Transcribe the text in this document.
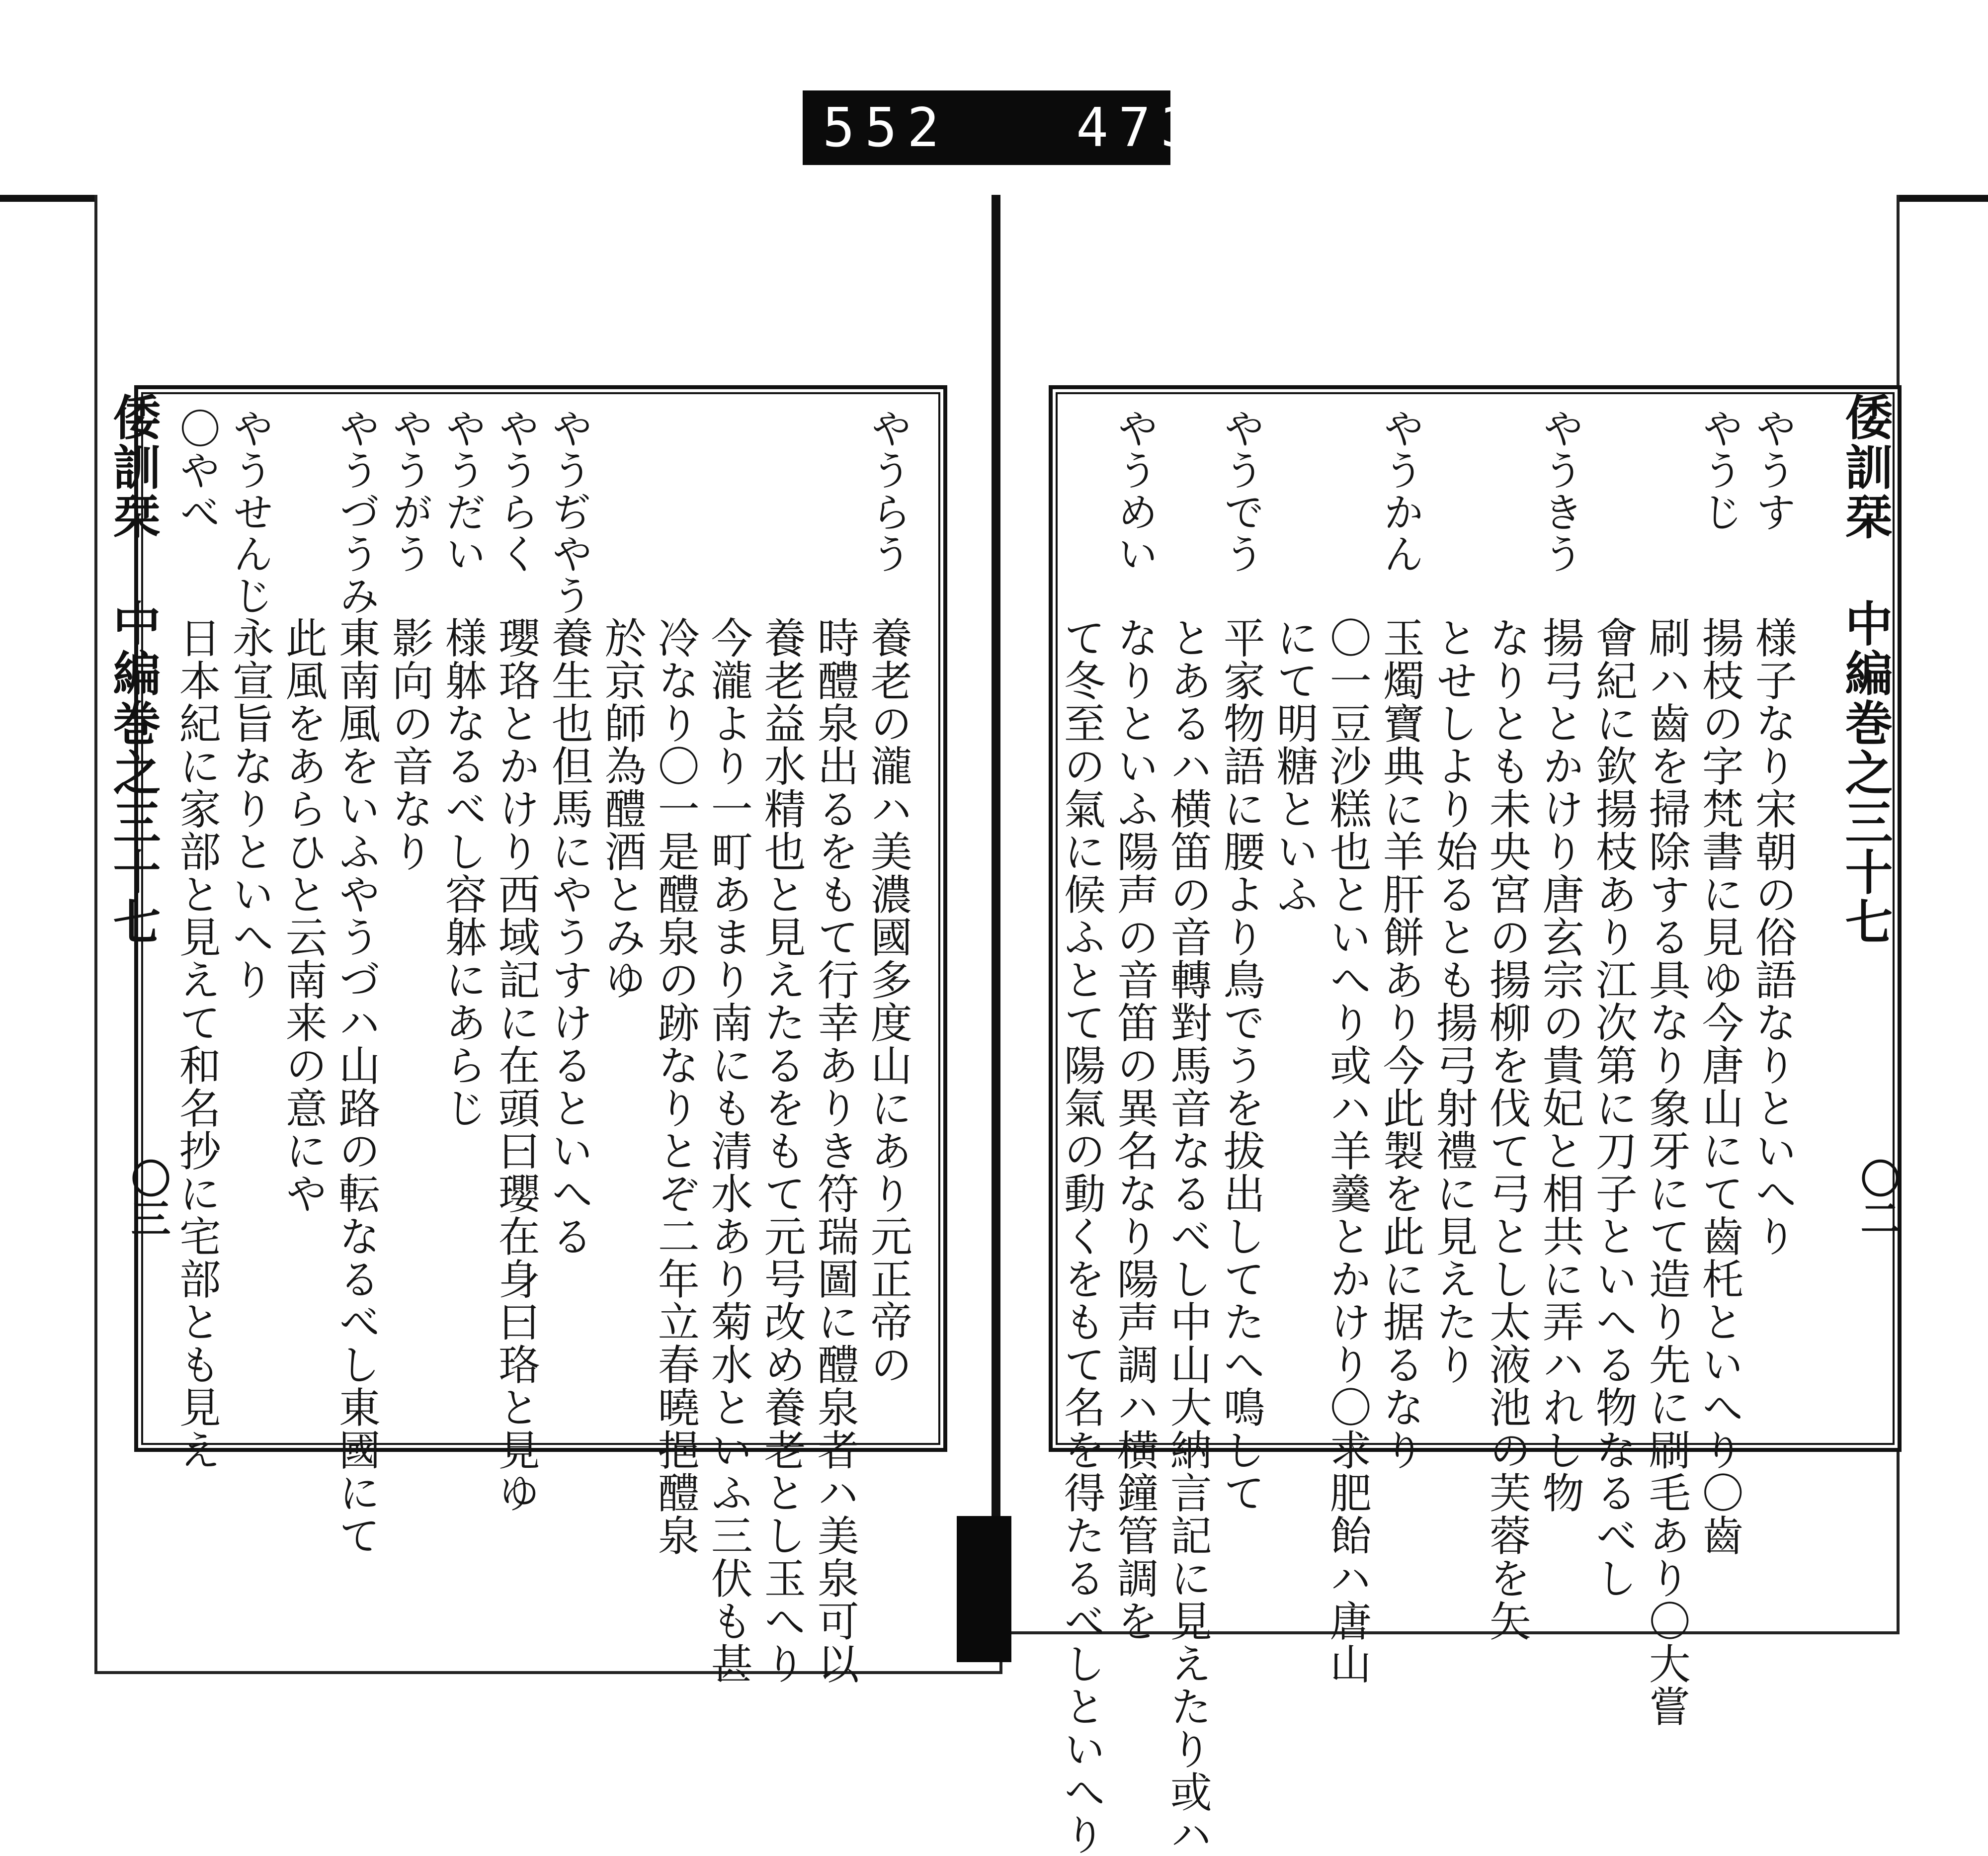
552   473.
倭訓栞  中編巻之三十七
〇三
倭訓栞  中編巻之三十七
〇二
やうらう
養老の瀧ハ美濃國多度山にあり元正帝の
時醴泉出るをもて行幸ありき符瑞圖に醴泉者ハ美泉可以
養老益水精也と見えたるをもて元号改め養老とし玉へり
今瀧より一町あまり南にも清水あり菊水といふ三伏も甚
冷なり〇一是醴泉の跡なりとぞ二年立春曉挹醴泉
於京師為醴酒とみゆ
やうぢやう
養生也但馬にやうすけるといへる
やうらく
瓔珞とかけり西域記に在頭曰瓔在身曰珞と見ゆ
やうだい
様躰なるべし容躰にあらじ
やうがう
影向の音なり
やうづうみ
東南風をいふやうづハ山路の転なるべし東國にて
此風をあらひと云南来の意にや
やうせんじ
永宣旨なりといへり
〇やべ
日本紀に家部と見えて和名抄に宅部とも見え
やうす
様子なり宋朝の俗語なりといへり
やうじ
揚枝の字梵書に見ゆ今唐山にて齒杔といへり〇齒
刷ハ齒を掃除する具なり象牙にて造り先に刷毛あり〇大嘗
會紀に欽揚枝あり江次第に刀子といへる物なるべし
やうきう
揚弓とかけり唐玄宗の貴妃と相共に弄ハれし物
なりとも未央宮の揚柳を伐て弓とし太液池の芙蓉を矢
とせしより始るとも揚弓射禮に見えたり
やうかん
玉燭寶典に羊肝餅あり今此製を此に据るなり
〇一豆沙糕也といへり或ハ羊羹とかけり〇求肥飴ハ唐山
にて明糖といふ
やうでう
平家物語に腰より鳥でうを拔出してたへ鳴して
とあるハ横笛の音轉對馬音なるべし中山大納言記に見えたり或ハ
やうめい
なりといふ陽声の音笛の異名なり陽声調ハ横鐘管調を
て冬至の氣に候ふとて陽氣の動くをもて名を得たるべしといへり
